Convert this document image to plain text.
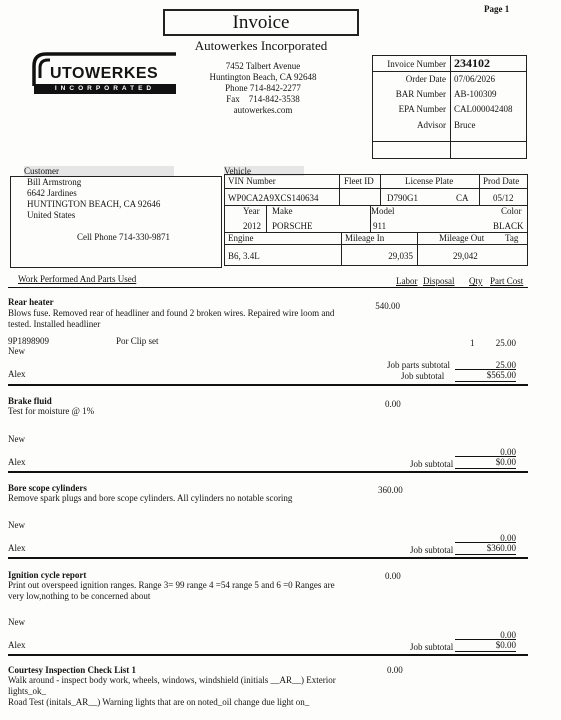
Page 1
Invoice
Autowerkes Incorporated
UTOWERKES
INCORPORATED
7452 Talbert Avenue
Huntington Beach, CA 92648
Phone 714-842-2277
Fax    714-842-3538
autowerkes.com
Invoice Number 234102
Order Date 07/06/2026
BAR Number AB-100309
EPA Number CAL000042408
Advisor Bruce
Customer
Bill Armstrong
6642 Jardines
HUNTINGTON BEACH, CA 92646
United States
Cell Phone 714-330-9871
Vehicle
VIN Number	Fleet ID	License Plate	Prod Date
WP0CA2A9XCS140634	D790G1	CA	05/12
Year Make	Model	Color
2012 PORSCHE	911	BLACK
Engine	Mileage In	Mileage Out Tag
B6, 3.4L	29,035	29,042
Work Performed And Parts Used	Labor Disposal Qty Part Cost
Rear heater	540.00
Blows fuse. Removed rear of headliner and found 2 broken wires. Repaired wire loom and
tested. Installed headliner
9P1898909	Por Clip set	1	25.00
New
Job parts subtotal	25.00
Alex	Job subtotal	$565.00
Brake fluid	0.00
Test for moisture @ 1%
New
0.00
Alex	Job subtotal	$0.00
Bore scope cylinders	360.00
Remove spark plugs and bore scope cylinders. All cylinders no notable scoring
New
0.00
Alex	Job subtotal	$360.00
Ignition cycle report	0.00
Print out overspeed ignition ranges. Range 3= 99 range 4 =54 range 5 and 6 =0 Ranges are
very low,nothing to be concerned about
New
0.00
Alex	Job subtotal	$0.00
Courtesy Inspection Check List 1	0.00
Walk around - inspect body work, wheels, windows, windshield (initials __AR__) Exterior
lights_ok_
Road Test (initals_AR__) Warning lights that are on noted_oil change due light on_
